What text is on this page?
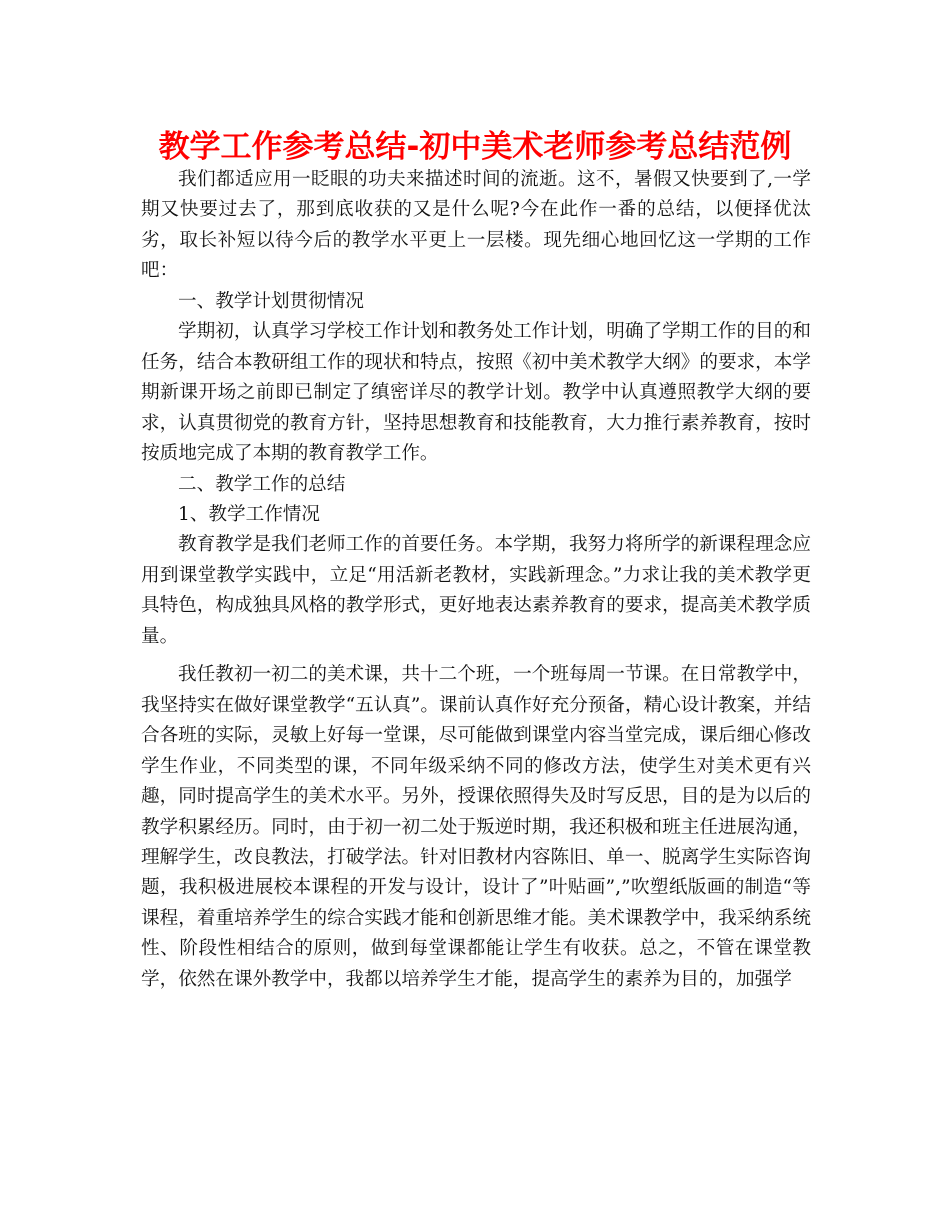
教学工作参考总结-初中美术老师参考总结范例

我们都适应用一眨眼的功夫来描述时间的流逝。这不，暑假又快要到了,一学期又快要过去了，那到底收获的又是什么呢?今在此作一番的总结，以便择优汰劣，取长补短以待今后的教学水平更上一层楼。现先细心地回忆这一学期的工作吧：

一、教学计划贯彻情况

学期初，认真学习学校工作计划和教务处工作计划，明确了学期工作的目的和任务，结合本教研组工作的现状和特点，按照《初中美术教学大纲》的要求，本学期新课开场之前即已制定了缜密详尽的教学计划。教学中认真遵照教学大纲的要求，认真贯彻党的教育方针，坚持思想教育和技能教育，大力推行素养教育，按时按质地完成了本期的教育教学工作。

二、教学工作的总结

1、教学工作情况

教育教学是我们老师工作的首要任务。本学期，我努力将所学的新课程理念应用到课堂教学实践中，立足“用活新老教材，实践新理念。”力求让我的美术教学更具特色，构成独具风格的教学形式，更好地表达素养教育的要求，提高美术教学质量。

我任教初一初二的美术课，共十二个班，一个班每周一节课。在日常教学中，我坚持实在做好课堂教学“五认真”。课前认真作好充分预备，精心设计教案，并结合各班的实际，灵敏上好每一堂课，尽可能做到课堂内容当堂完成，课后细心修改学生作业，不同类型的课，不同年级采纳不同的修改方法，使学生对美术更有兴趣，同时提高学生的美术水平。另外，授课依照得失及时写反思，目的是为以后的教学积累经历。同时，由于初一初二处于叛逆时期，我还积极和班主任进展沟通，理解学生，改良教法，打破学法。针对旧教材内容陈旧、单一、脱离学生实际咨询题，我积极进展校本课程的开发与设计，设计了”叶贴画”,”吹塑纸版画的制造“等课程，着重培养学生的综合实践才能和创新思维才能。美术课教学中，我采纳系统性、阶段性相结合的原则，做到每堂课都能让学生有收获。总之，不管在课堂教学，依然在课外教学中，我都以培养学生才能，提高学生的素养为目的，加强学
